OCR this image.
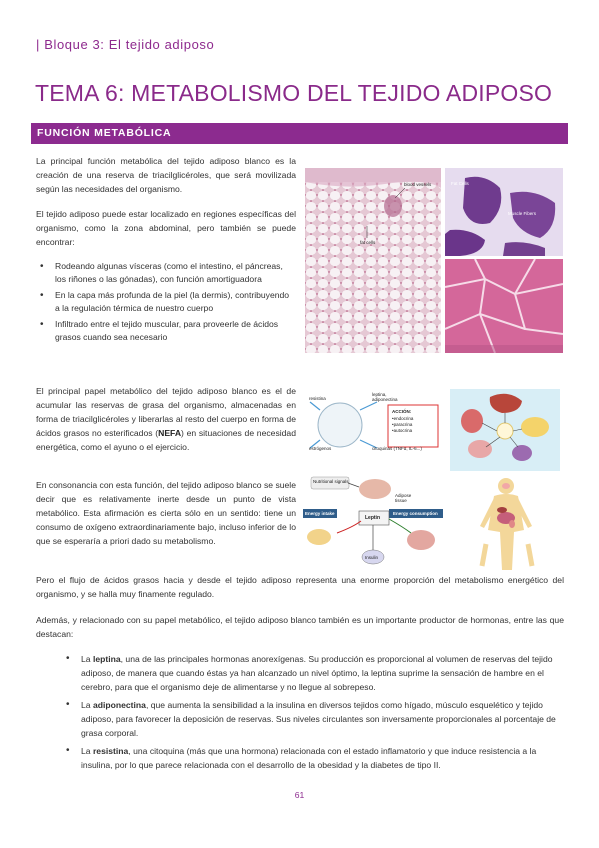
| Bloque 3: El tejido adiposo
TEMA 6: METABOLISMO DEL TEJIDO ADIPOSO
FUNCIÓN METABÓLICA
La principal función metabólica del tejido adiposo blanco es la creación de una reserva de triacilglicéroles, que será movilizada según las necesidades del organismo.
El tejido adiposo puede estar localizado en regiones específicas del organismo, como la zona abdominal, pero también se puede encontrar:
• Rodeando algunas vísceras (como el intestino, el páncreas, los riñones o las gónadas), con función amortiguadora
• En la capa más profunda de la piel (la dermis), contribuyendo a la regulación térmica de nuestro cuerpo
• Infiltrado entre el tejido muscular, para proveerle de ácidos grasos cuando sea necesario
El principal papel metabólico del tejido adiposo blanco es el de acumular las reservas de grasa del organismo, almacenadas en forma de triacilglicéroles y liberarlas al resto del cuerpo en forma de ácidos grasos no esterificados (NEFA) en situaciones de necesidad energética, como el ayuno o el ejercicio.
En consonancia con esta función, del tejido adiposo blanco se suele decir que es relativamente inerte desde un punto de vista metabólico. Esta afirmación es cierta sólo en un sentido: tiene un consumo de oxígeno extraordinariamente bajo, incluso inferior de lo que se esperaría a priori dado su metabolismo.
Pero el flujo de ácidos grasos hacia y desde el tejido adiposo representa una enorme proporción del metabolismo energético del organismo, y se halla muy finamente regulado.
Además, y relacionado con su papel metabólico, el tejido adiposo blanco también es un importante productor de hormonas, entre las que destacan:
• La leptina, una de las principales hormonas anorexígenas. Su producción es proporcional al volumen de reservas del tejido adiposo, de manera que cuando éstas ya han alcanzado un nivel óptimo, la leptina suprime la sensación de hambre en el cerebro, para que el organismo deje de alimentarse y no llegue al sobrepeso.
• La adiponectina, que aumenta la sensibilidad a la insulina en diversos tejidos como hígado, músculo esquelético y tejido adiposo, para favorecer la deposición de reservas. Sus niveles circulantes son inversamente proporcionales al porcentaje de grasa corporal.
• La resistina, una citoquina (más que una hormona) relacionada con el estado inflamatorio y que induce resistencia a la insulina, por lo que parece relacionada con el desarrollo de la obesidad y la diabetes de tipo II.
61
blood vessels
fat cells
Fat Cells
Muscle Fibers
resistina
leptina, adiponectina
ACCIÓN:
•endocrina
•paracrina
•autocrina
estrógenos	citoquinas (TNFα, IL-6...)
Nutritional signals
Energy intake
Leptin
Energy consumption
Adipose tissue
Insulin
